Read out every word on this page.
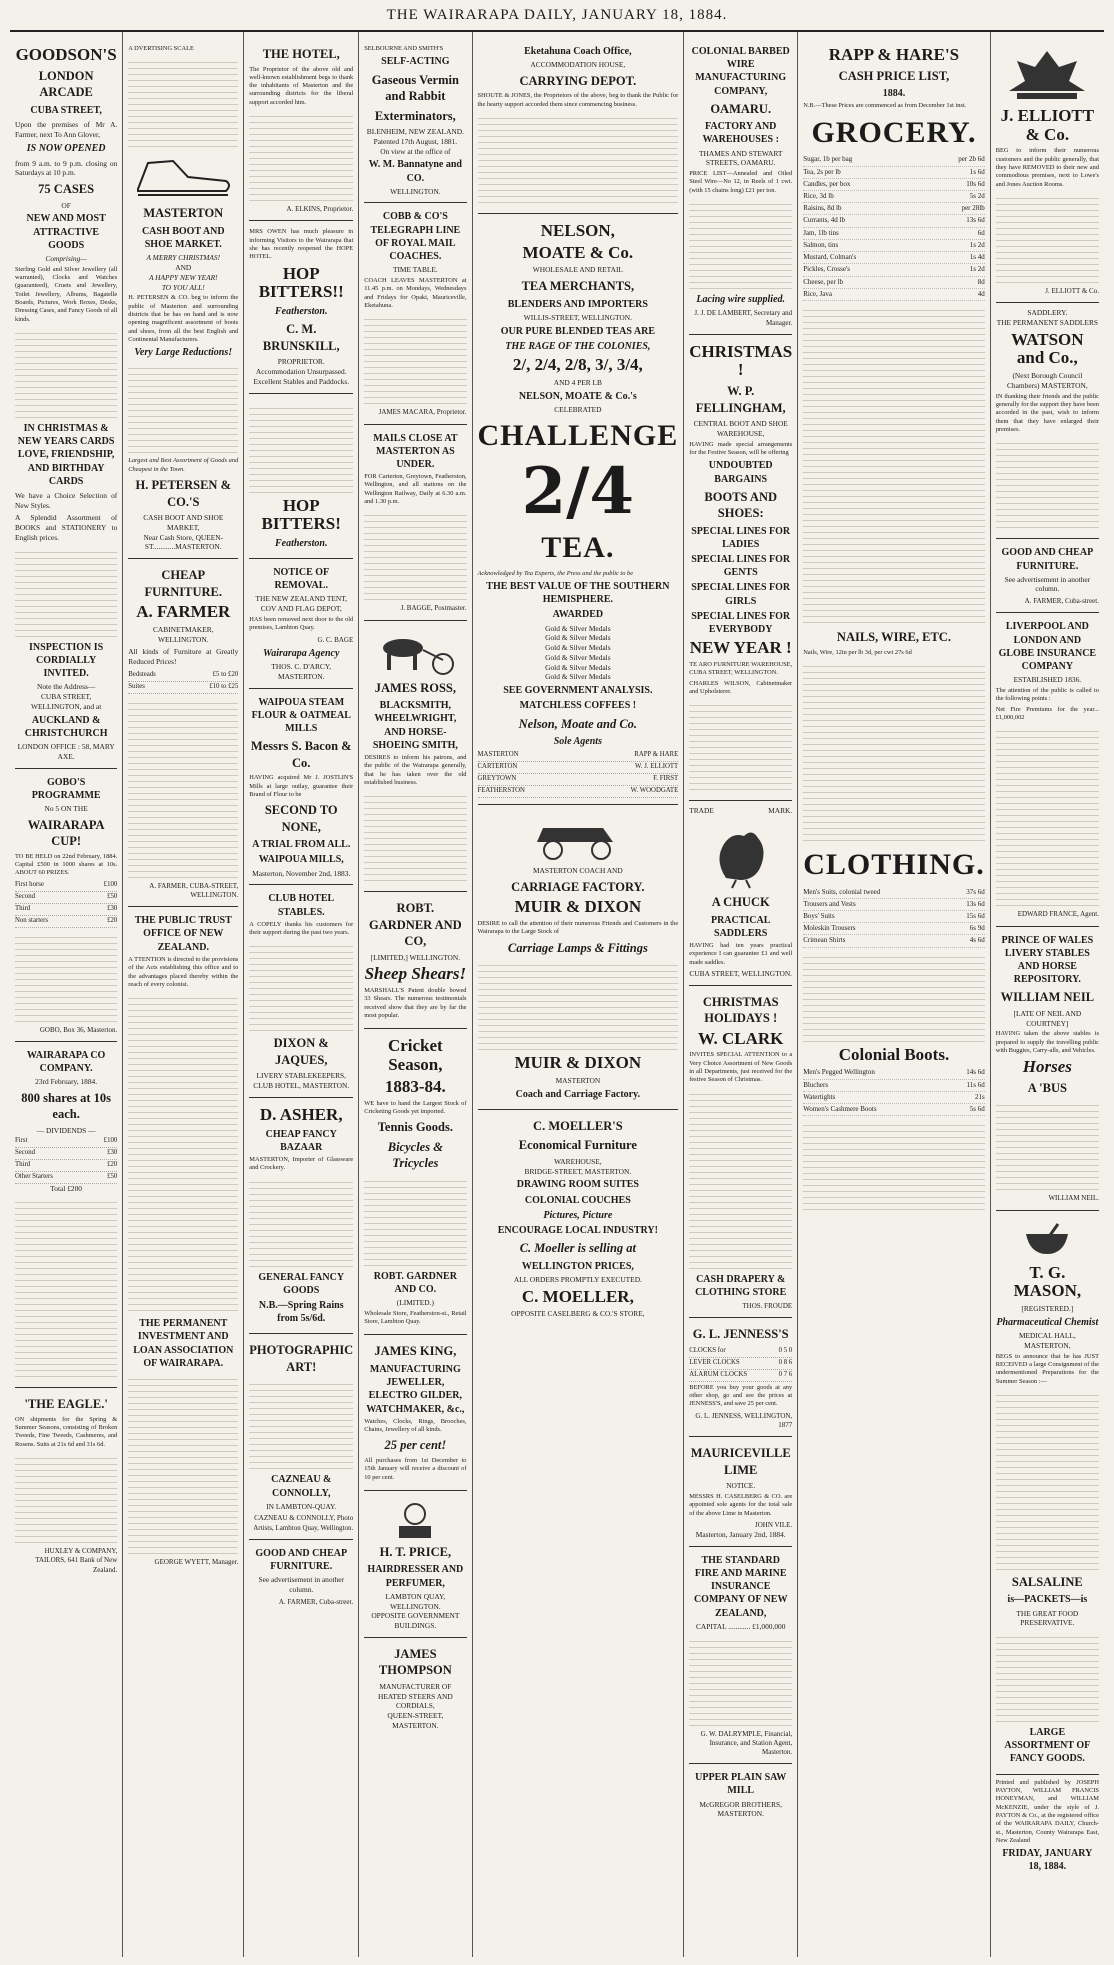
THE WAIRARAPA DAILY, JANUARY 18, 1884.
GOODSON'S
LONDON ARCADE
CUBA STREET,
Upon the premises of Mr A. Farmer, next To Ann Glover,
IS NOW OPENED
from 9 a.m. to 9 p.m. closing on Saturdays at 10 p.m.
75 CASES
OF
NEW AND MOST ATTRACTIVE GOODS
Comprising—
Sterling Gold and Silver Jewellery (all warranted), Clocks and Watches (guaranteed), Cruets and Jewellery, Toilet Jewellery, Albums, Bagatelle Boards, Pictures, Work Boxes, Desks, Dressing Cases, and Fancy Goods of all kinds.
IN CHRISTMAS & NEW YEARS CARDS LOVE, FRIENDSHIP, AND BIRTHDAY CARDS
We have a Choice Selection of New Styles.
A Splendid Assortment of BOOKS and STATIONERY to English prices.
INSPECTION IS CORDIALLY INVITED.
Note the Address—
CUBA STREET, WELLINGTON, and at
AUCKLAND & CHRISTCHURCH
LONDON OFFICE : 58, MARY AXE.
GOBO'S PROGRAMME
No 5 ON THE
WAIRARAPA CUP!
TO BE HELD on 22nd February, 1884. Capital £500 in 1000 shares at 10s. ABOUT 60 PRIZES.
First horse	£100
Second	£50
Third	£30
Non starters	£20
GOBO, Box 36, Masterton.
WAIRARAPA CO COMPANY.
23rd February, 1884.
800 shares at 10s each.
— DIVIDENDS —
First	£100
Second	£30
Third	£20
Other Starters	£50
Total £200
'THE EAGLE.'
ON shipments for the Spring & Summer Seasons, consisting of Broken Tweeds, Fine Tweeds, Cashmeres, and Rosens. Suits at 21s 6d and 31s 6d.
HUXLEY & COMPANY, TAILORS, 641 Bank of New Zealand.
A DVERTISING SCALE
MASTERTON
CASH BOOT AND SHOE MARKET.
A MERRY CHRISTMAS!
AND
A HAPPY NEW YEAR!
TO YOU ALL!
H. PETERSEN & CO. beg to inform the public of Masterton and surrounding districts that he has on hand and is now opening magnificent assortment of boots and shoes, from all the best English and Continental Manufacturers.
Very Large Reductions!
Largest and Best Assortment of Goods and Cheapest in the Town.
H. PETERSEN & CO.'S
CASH BOOT AND SHOE MARKET,
Near Cash Store, QUEEN-ST............MASTERTON.
CHEAP FURNITURE.
A. FARMER
CABINETMAKER, WELLINGTON.
All kinds of Furniture at Greatly Reduced Prices!
Bedsteads	£5 to £20
Suites	£10 to £25
A. FARMER, CUBA-STREET, WELLINGTON.
THE PUBLIC TRUST OFFICE OF NEW ZEALAND.
A TTENTION is directed to the provisions of the Acts establishing this office and to the advantages placed thereby within the reach of every colonist.
THE PERMANENT INVESTMENT AND LOAN ASSOCIATION OF WAIRARAPA.
GEORGE WYETT, Manager.
THE HOTEL,
The Proprietor of the above old and well-known establishment begs to thank the inhabitants of Masterton and the surrounding districts for the liberal support accorded him.
A. ELKINS, Proprietor.
MRS OWEN has much pleasure in informing Visitors to the Wairarapa that she has recently reopened the HOPE HOTEL.
HOP BITTERS!!
Featherston.
C. M. BRUNSKILL,
PROPRIETOR.
Accommodation Unsurpassed.
Excellent Stables and Paddocks.
HOP BITTERS!
Featherston.
NOTICE OF REMOVAL.
THE NEW ZEALAND TENT, COV AND FLAG DEPOT,
HAS been removed next door to the old premises, Lambton Quay.
G. C. BAGE
Wairarapa Agency
THOS. C. D'ARCY, MASTERTON.
WAIPOUA STEAM FLOUR & OATMEAL MILLS
Messrs S. Bacon & Co.
HAVING acquired Mr J. JOSTLIN'S Mills at large outlay, guarantee their Brand of Flour to be
SECOND TO NONE,
A TRIAL FROM ALL.
WAIPOUA MILLS,
Masterton, November 2nd, 1883.
CLUB HOTEL STABLES.
A COPELY thanks his customers for their support during the past two years.
DIXON & JAQUES,
LIVERY STABLEKEEPERS, CLUB HOTEL, MASTERTON.
D. ASHER,
CHEAP FANCY BAZAAR
MASTERTON, Importer of Glassware and Crockery.
GENERAL FANCY GOODS
N.B.—Spring Rains from 5s/6d.
PHOTOGRAPHIC ART!
CAZNEAU & CONNOLLY,
IN LAMBTON-QUAY.
CAZNEAU & CONNOLLY, Photo Artists, Lambton Quay, Wellington.
GOOD AND CHEAP FURNITURE.
See advertisement in another column.
A. FARMER, Cuba-street.
SELBOURNE AND SMITH'S
SELF-ACTING
Gaseous Vermin and Rabbit
Exterminators,
BLENHEIM, NEW ZEALAND.
Patented 17th August, 1881.
On view at the office of
W. M. Bannatyne and CO.
WELLINGTON.
COBB & CO'S TELEGRAPH LINE OF ROYAL MAIL COACHES.
TIME TABLE.
COACH LEAVES MASTERTON at 11.45 p.m. on Mondays, Wednesdays and Fridays for Opaki, Mauriceville, Eketahuna.
JAMES MACARA, Proprietor.
MAILS CLOSE AT MASTERTON AS UNDER.
FOR Carterton, Greytown, Featherston, Wellington, and all stations on the Wellington Railway, Daily at 6.30 a.m. and 1.30 p.m.
J. BAGGE, Postmaster.
JAMES ROSS,
BLACKSMITH, WHEELWRIGHT, AND HORSE-SHOEING SMITH,
DESIRES to inform his patrons, and the public of the Wairarapa generally, that he has taken over the old established business.
ROBT. GARDNER AND CO,
[LIMITED,] WELLINGTON.
Sheep Shears!
MARSHALL'S Patent double bowed 33 Shears. The numerous testimonials received show that they are by far the most popular.
Cricket Season,
1883-84.
WE have to hand the Largest Stock of Cricketing Goods yet imported.
Tennis Goods.
Bicycles & Tricycles
ROBT. GARDNER AND CO.
(LIMITED.)
Wholesale Store, Featherston-st., Retail Store, Lambton Quay.
JAMES KING,
MANUFACTURING JEWELLER, ELECTRO GILDER, WATCHMAKER, &c.,
Watches, Clocks, Rings, Brooches, Chains, Jewellery of all kinds.
25 per cent!
All purchases from 1st December to 15th January will receive a discount of 10 per cent.
H. T. PRICE,
HAIRDRESSER AND PERFUMER,
LAMBTON QUAY, WELLINGTON.
OPPOSITE GOVERNMENT BUILDINGS.
JAMES THOMPSON
MANUFACTURER OF HEATED STEERS AND CORDIALS,
QUEEN-STREET, MASTERTON.
Eketahuna Coach Office,
ACCOMMODATION HOUSE,
CARRYING DEPOT.
SHOUTE & JONES, the Proprietors of the above, beg to thank the Public for the hearty support accorded them since commencing business.
NELSON,
MOATE & Co.
WHOLESALE AND RETAIL
TEA MERCHANTS,
BLENDERS AND IMPORTERS
WILLIS-STREET, WELLINGTON.
OUR PURE BLENDED TEAS ARE
THE RAGE OF THE COLONIES,
2/, 2/4, 2/8, 3/, 3/4,
AND 4 PER LB
NELSON, MOATE & Co.'s
CELEBRATED
CHALLENGE
2/4
TEA.
Acknowledged by Tea Experts, the Press and the public to be
THE BEST VALUE OF THE SOUTHERN HEMISPHERE.
AWARDED
Gold & Silver Medals
Gold & Silver Medals
Gold & Silver Medals
Gold & Silver Medals
Gold & Silver Medals
Gold & Silver Medals
SEE GOVERNMENT ANALYSIS.
MATCHLESS COFFEES !
Nelson, Moate and Co.
Sole Agents
MASTERTON	RAPP & HARE
CARTERTON	W. J. ELLIOTT
GREYTOWN	F. FIRST
FEATHERSTON	W. WOODGATE
MASTERTON COACH AND
CARRIAGE FACTORY.
MUIR & DIXON
DESIRE to call the attention of their numerous Friends and Customers in the Wairarapa to the Large Stock of
Carriage Lamps & Fittings
MUIR & DIXON
MASTERTON
Coach and Carriage Factory.
C. MOELLER'S
Economical Furniture
WAREHOUSE,
BRIDGE-STREET, MASTERTON.
DRAWING ROOM SUITES
COLONIAL COUCHES
Pictures, Picture
ENCOURAGE LOCAL INDUSTRY!
C. Moeller is selling at
WELLINGTON PRICES,
ALL ORDERS PROMPTLY EXECUTED.
C. MOELLER,
OPPOSITE CASELBERG & CO.'S STORE,
COLONIAL BARBED WIRE MANUFACTURING COMPANY,
OAMARU.
FACTORY AND WAREHOUSES :
THAMES AND STEWART STREETS, OAMARU.
PRICE LIST—Annealed and Oiled Steel Wire—No 12, in Reels of 1 cwt. (with 15 chains long) £21 per ton.
Lacing wire supplied.
J. J. DE LAMBERT, Secretary and Manager.
CHRISTMAS !
W. P. FELLINGHAM,
CENTRAL BOOT AND SHOE WAREHOUSE,
HAVING made special arrangements for the Festive Season, will be offering
UNDOUBTED BARGAINS
BOOTS AND SHOES:
SPECIAL LINES FOR LADIES
SPECIAL LINES FOR GENTS
SPECIAL LINES FOR GIRLS
SPECIAL LINES FOR EVERYBODY
NEW YEAR !
TE ARO FURNITURE WAREHOUSE, CUBA STREET, WELLINGTON.
CHARLES WILSON, Cabinetmaker and Upholsterer.
TRADE	MARK.
A CHUCK
PRACTICAL SADDLERS
HAVING had ten years practical experience I can guarantee £1 and well made saddles.
CUBA STREET, WELLINGTON.
CHRISTMAS HOLIDAYS !
W. CLARK
INVITES SPECIAL ATTENTION to a Very Choice Assortment of New Goods in all Departments, just received for the festive Season of Christmas.
CASH DRAPERY & CLOTHING STORE
THOS. FROUDE
G. L. JENNESS'S
CLOCKS for	0 5 0
LEVER CLOCKS	0 8 6
ALARUM CLOCKS	0 7 6
BEFORE you buy your goods at any other shop, go and see the prices at JENNESS'S, and save 25 per cent.
G. L. JENNESS, WELLINGTON, 1877
MAURICEVILLE LIME
NOTICE.
MESSRS H. CASELBERG & CO. are appointed sole agents for the total sale of the above Lime in Masterton.
JOHN VILE.
Masterton, January 2nd, 1884.
THE STANDARD FIRE AND MARINE INSURANCE COMPANY OF NEW ZEALAND,
CAPITAL ............ £1,000,000
G. W. DALRYMPLE, Financial, Insurance, and Station Agent, Masterton.
UPPER PLAIN SAW MILL
McGREGOR BROTHERS,
MASTERTON.
RAPP & HARE'S
CASH PRICE LIST,
1884.
N.B.—These Prices are commenced as from December 1st inst.
GROCERY.
Sugar, 1b per bag	per 2b 6d
Tea, 2s per lb	1s 6d
Candles, per box	10s 6d
Rice, 3d lb	5s 2d
Raisins, 8d lb	per 28lb
Currants, 4d lb	13s 6d
Jam, 1lb tins	6d
Salmon, tins	1s 2d
Mustard, Colman's	1s 4d
Pickles, Crosse's	1s 2d
Cheese, per lb	8d
Rice, Java	4d
NAILS, WIRE, ETC.
Nails, Wire, 12in per lb 3d, per cwt 27s 6d
CLOTHING.
Men's Suits, colonial tweed	37s 6d
Trousers and Vests	13s 6d
Boys' Suits	15s 6d
Moleskin Trousers	6s 9d
Crimean Shirts	4s 6d
Colonial Boots.
Men's Pegged Wellington	14s 6d
Bluchers	11s 6d
Watertights	21s
Women's Cashmere Boots	5s 6d
J. ELLIOTT & Co.
BEG to inform their numerous customers and the public generally, that they have REMOVED to their new and commodious premises, next to Lowe's and Jones Auction Rooms.
J. ELLIOTT & Co.
SADDLERY.
THE PERMANENT SADDLERS
WATSON and Co.,
(Next Borough Council Chambers) MASTERTON,
IN thanking their friends and the public generally for the support they have been accorded in the past, wish to inform them that they have enlarged their premises.
GOOD AND CHEAP FURNITURE.
See advertisement in another column.
A. FARMER, Cuba-street.
LIVERPOOL AND LONDON AND GLOBE INSURANCE COMPANY
ESTABLISHED 1836.
The attention of the public is called to the following points :
Net Fire Premiums for the year...£1,000,002
EDWARD FRANCE, Agent.
PRINCE OF WALES LIVERY STABLES AND HORSE REPOSITORY.
WILLIAM NEIL
[LATE OF NEIL AND COURTNEY]
HAVING taken the above stables is prepared to supply the travelling public with Buggies, Carry-alls, and Vehicles.
Horses
A 'BUS
WILLIAM NEIL.
T. G. MASON,
[REGISTERED.]
Pharmaceutical Chemist
MEDICAL HALL, MASTERTON,
BEGS to announce that he has JUST RECEIVED a large Consignment of the undermentioned Preparations for the Summer Season :—
SALSALINE
is—PACKETS—is
THE GREAT FOOD PRESERVATIVE.
LARGE ASSORTMENT OF FANCY GOODS.
Printed and published by JOSEPH PAYTON, WILLIAM FRANCIS HONEYMAN, and WILLIAM McKENZIE, under the style of J. PAYTON & Co., at the registered office of the WAIRARAPA DAILY, Church-st., Masterton, County Wairarapa East, New Zealand
FRIDAY, JANUARY 18, 1884.
